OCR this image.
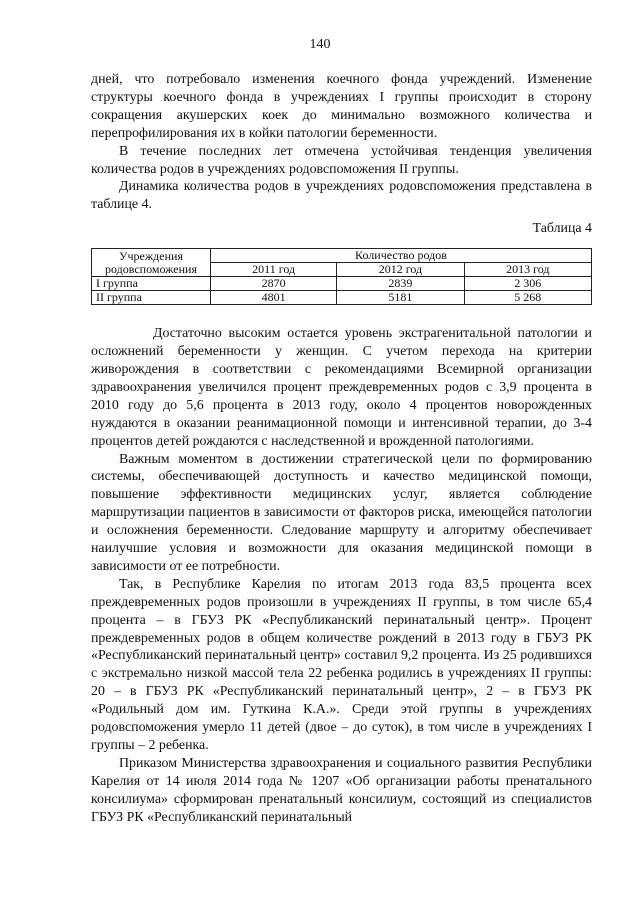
140

дней, что потребовало изменения коечного фонда учреждений. Изменение структуры коечного фонда в учреждениях I группы происходит в сторону сокращения акушерских коек до минимально возможного количества и перепрофилирования их в койки патологии беременности.

В течение последних лет отмечена устойчивая тенденция увеличения количества родов в учреждениях родовспоможения II группы.

Динамика количества родов в учреждениях родовспоможения представлена в таблице 4.

Таблица 4

Учреждения родовспоможения	Количество родов		
	2011 год	2012 год	2013 год
I группа	2870	2839	2 306
II группа	4801	5181	5 268

Достаточно высоким остается уровень экстрагенитальной патологии и осложнений беременности у женщин. С учетом перехода на критерии живорождения в соответствии с рекомендациями Всемирной организации здравоохранения увеличился процент преждевременных родов с 3,9 процента в 2010 году до 5,6 процента в 2013 году, около 4 процентов новорожденных нуждаются в оказании реанимационной помощи и интенсивной терапии, до 3-4 процентов детей рождаются с наследственной и врожденной патологиями.

Важным моментом в достижении стратегической цели по формированию системы, обеспечивающей доступность и качество медицинской помощи, повышение эффективности медицинских услуг, является соблюдение маршрутизации пациентов в зависимости от факторов риска, имеющейся патологии и осложнения беременности. Следование маршруту и алгоритму обеспечивает наилучшие условия и возможности для оказания медицинской помощи в зависимости от ее потребности.

Так, в Республике Карелия по итогам 2013 года 83,5 процента всех преждевременных родов произошли в учреждениях II группы, в том числе 65,4 процента – в ГБУЗ РК «Республиканский перинатальный центр». Процент преждевременных родов в общем количестве рождений в 2013 году в ГБУЗ РК «Республиканский перинатальный центр» составил 9,2 процента. Из 25 родившихся с экстремально низкой массой тела 22 ребенка родились в учреждениях II группы: 20 – в ГБУЗ РК «Республиканский перинатальный центр», 2 – в ГБУЗ РК «Родильный дом им. Гуткина К.А.». Среди этой группы в учреждениях родовспоможения умерло 11 детей (двое – до суток), в том числе в учреждениях I группы – 2 ребенка.

Приказом Министерства здравоохранения и социального развития Республики Карелия от 14 июля 2014 года № 1207 «Об организации работы пренатального консилиума» сформирован пренатальный консилиум, состоящий из специалистов ГБУЗ РК «Республиканский перинатальный
